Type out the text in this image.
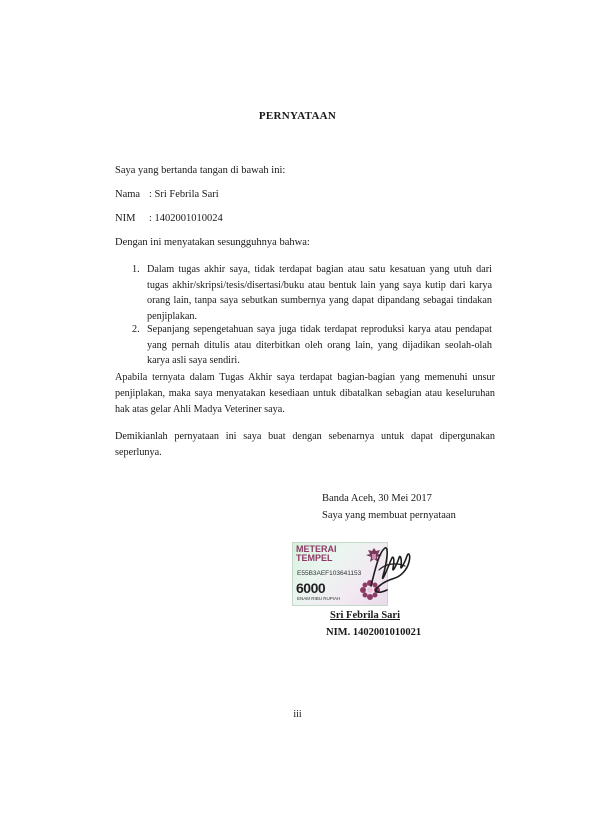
PERNYATAAN
Saya yang bertanda tangan di bawah ini:
Nama : Sri Febrila Sari
NIM : 1402001010024
Dengan ini menyatakan sesungguhnya bahwa:
1. Dalam tugas akhir saya, tidak terdapat bagian atau satu kesatuan yang utuh dari tugas akhir/skripsi/tesis/disertasi/buku atau bentuk lain yang saya kutip dari karya orang lain, tanpa saya sebutkan sumbernya yang dapat dipandang sebagai tindakan penjiplakan.
2. Sepanjang sepengetahuan saya juga tidak terdapat reproduksi karya atau pendapat yang pernah ditulis atau diterbitkan oleh orang lain, yang dijadikan seolah-olah karya asli saya sendiri.
Apabila ternyata dalam Tugas Akhir saya terdapat bagian-bagian yang memenuhi unsur penjiplakan, maka saya menyatakan kesediaan untuk dibatalkan sebagian atau keseluruhan hak atas gelar Ahli Madya Veteriner saya.
Demikianlah pernyataan ini saya buat dengan sebenarnya untuk dapat dipergunakan seperlunya.
Banda Aceh, 30 Mei 2017
Saya yang membuat pernyataan
METERAI
TEMPEL
E55B3AEF103641153
6000
ENAM RIBU RUPIAH
Sri Febrila Sari
NIM. 1402001010021
iii
